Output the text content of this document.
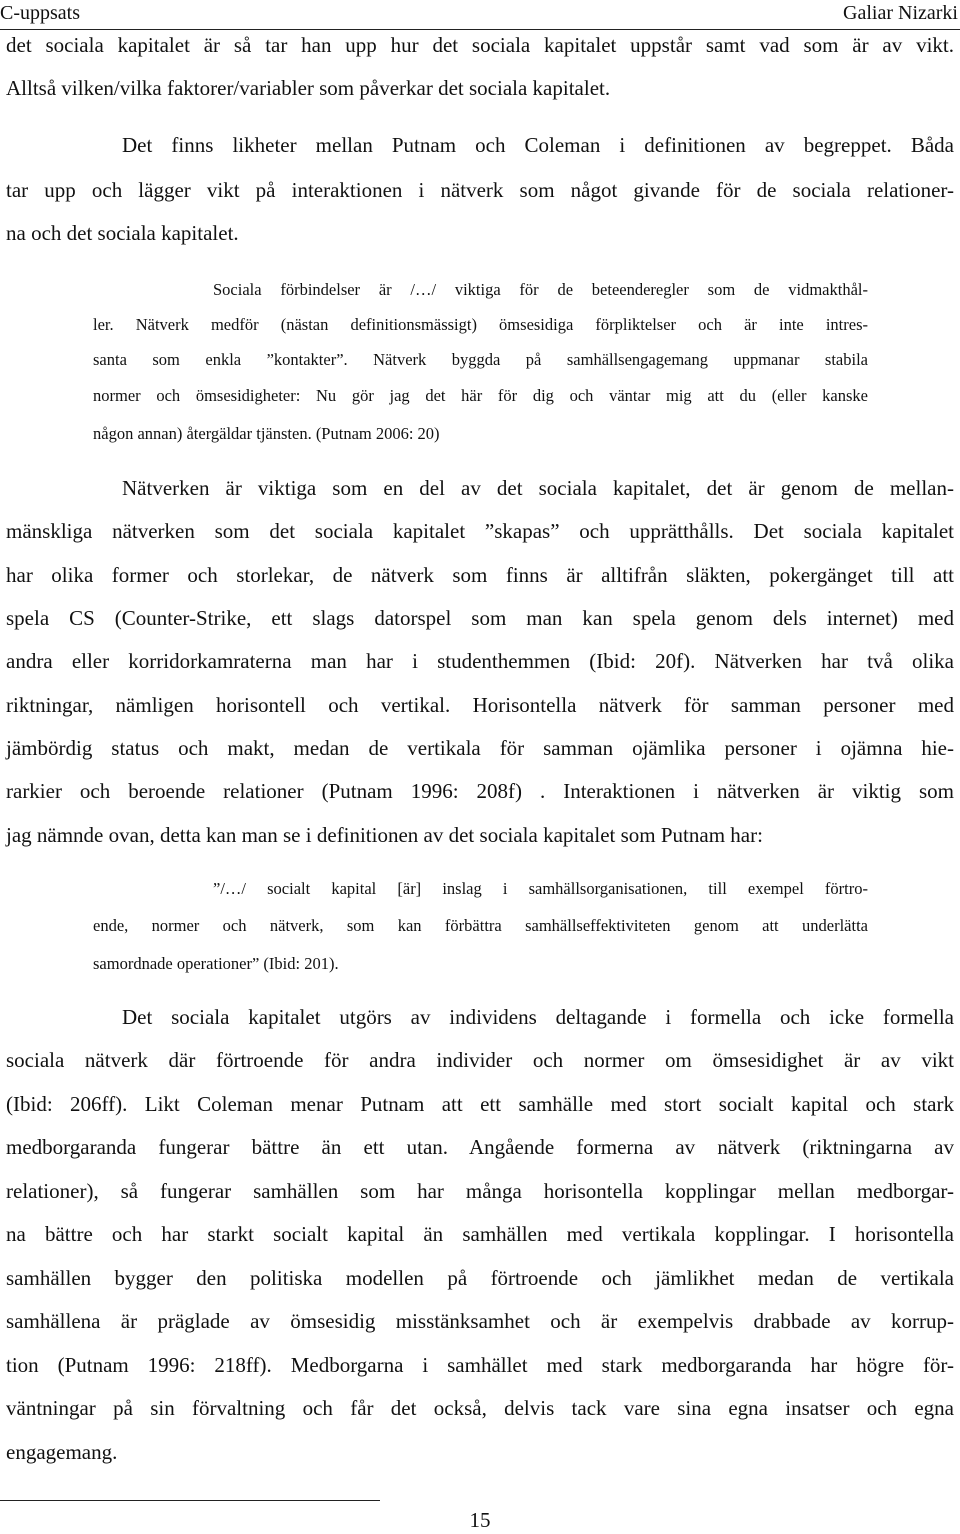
C-uppsats	Galiar Nizarki
det sociala kapitalet är så tar han upp hur det sociala kapitalet uppstår samt vad som är av vikt.
Alltså vilken/vilka faktorer/variabler som påverkar det sociala kapitalet.
Det finns likheter mellan Putnam och Coleman i definitionen av begreppet. Båda
tar upp och lägger vikt på interaktionen i nätverk som något givande för de sociala relationer-
na och det sociala kapitalet.
Sociala förbindelser är /…/ viktiga för de beteenderegler som de vidmakthål-
ler. Nätverk medför (nästan definitionsmässigt) ömsesidiga förpliktelser och är inte intres-
santa som enkla ”kontakter”. Nätverk byggda på samhällsengagemang uppmanar stabila
normer och ömsesidigheter: Nu gör jag det här för dig och väntar mig att du (eller kanske
någon annan) återgäldar tjänsten. (Putnam 2006: 20)
Nätverken är viktiga som en del av det sociala kapitalet, det är genom de mellan-
mänskliga nätverken som det sociala kapitalet ”skapas” och upprätthålls. Det sociala kapitalet
har olika former och storlekar, de nätverk som finns är alltifrån släkten, pokergänget till att
spela CS (Counter-Strike, ett slags datorspel som man kan spela genom dels internet) med
andra eller korridorkamraterna man har i studenthemmen (Ibid: 20f). Nätverken har två olika
riktningar, nämligen horisontell och vertikal. Horisontella nätverk för samman personer med
jämbördig status och makt, medan de vertikala för samman ojämlika personer i ojämna hie-
rarkier och beroende relationer (Putnam 1996: 208f) . Interaktionen i nätverken är viktig som
jag nämnde ovan, detta kan man se i definitionen av det sociala kapitalet som Putnam har:
”/…/ socialt kapital [är] inslag i samhällsorganisationen, till exempel förtro-
ende, normer och nätverk, som kan förbättra samhällseffektiviteten genom att underlätta
samordnade operationer” (Ibid: 201).
Det sociala kapitalet utgörs av individens deltagande i formella och icke formella
sociala nätverk där förtroende för andra individer och normer om ömsesidighet är av vikt
(Ibid: 206ff). Likt Coleman menar Putnam att ett samhälle med stort socialt kapital och stark
medborgaranda fungerar bättre än ett utan. Angående formerna av nätverk (riktningarna av
relationer), så fungerar samhällen som har många horisontella kopplingar mellan medborgar-
na bättre och har starkt socialt kapital än samhällen med vertikala kopplingar. I horisontella
samhällen bygger den politiska modellen på förtroende och jämlikhet medan de vertikala
samhällena är präglade av ömsesidig misstänksamhet och är exempelvis drabbade av korrup-
tion (Putnam 1996: 218ff). Medborgarna i samhället med stark medborgaranda har högre för-
väntningar på sin förvaltning och får det också, delvis tack vare sina egna insatser och egna
engagemang.
15
